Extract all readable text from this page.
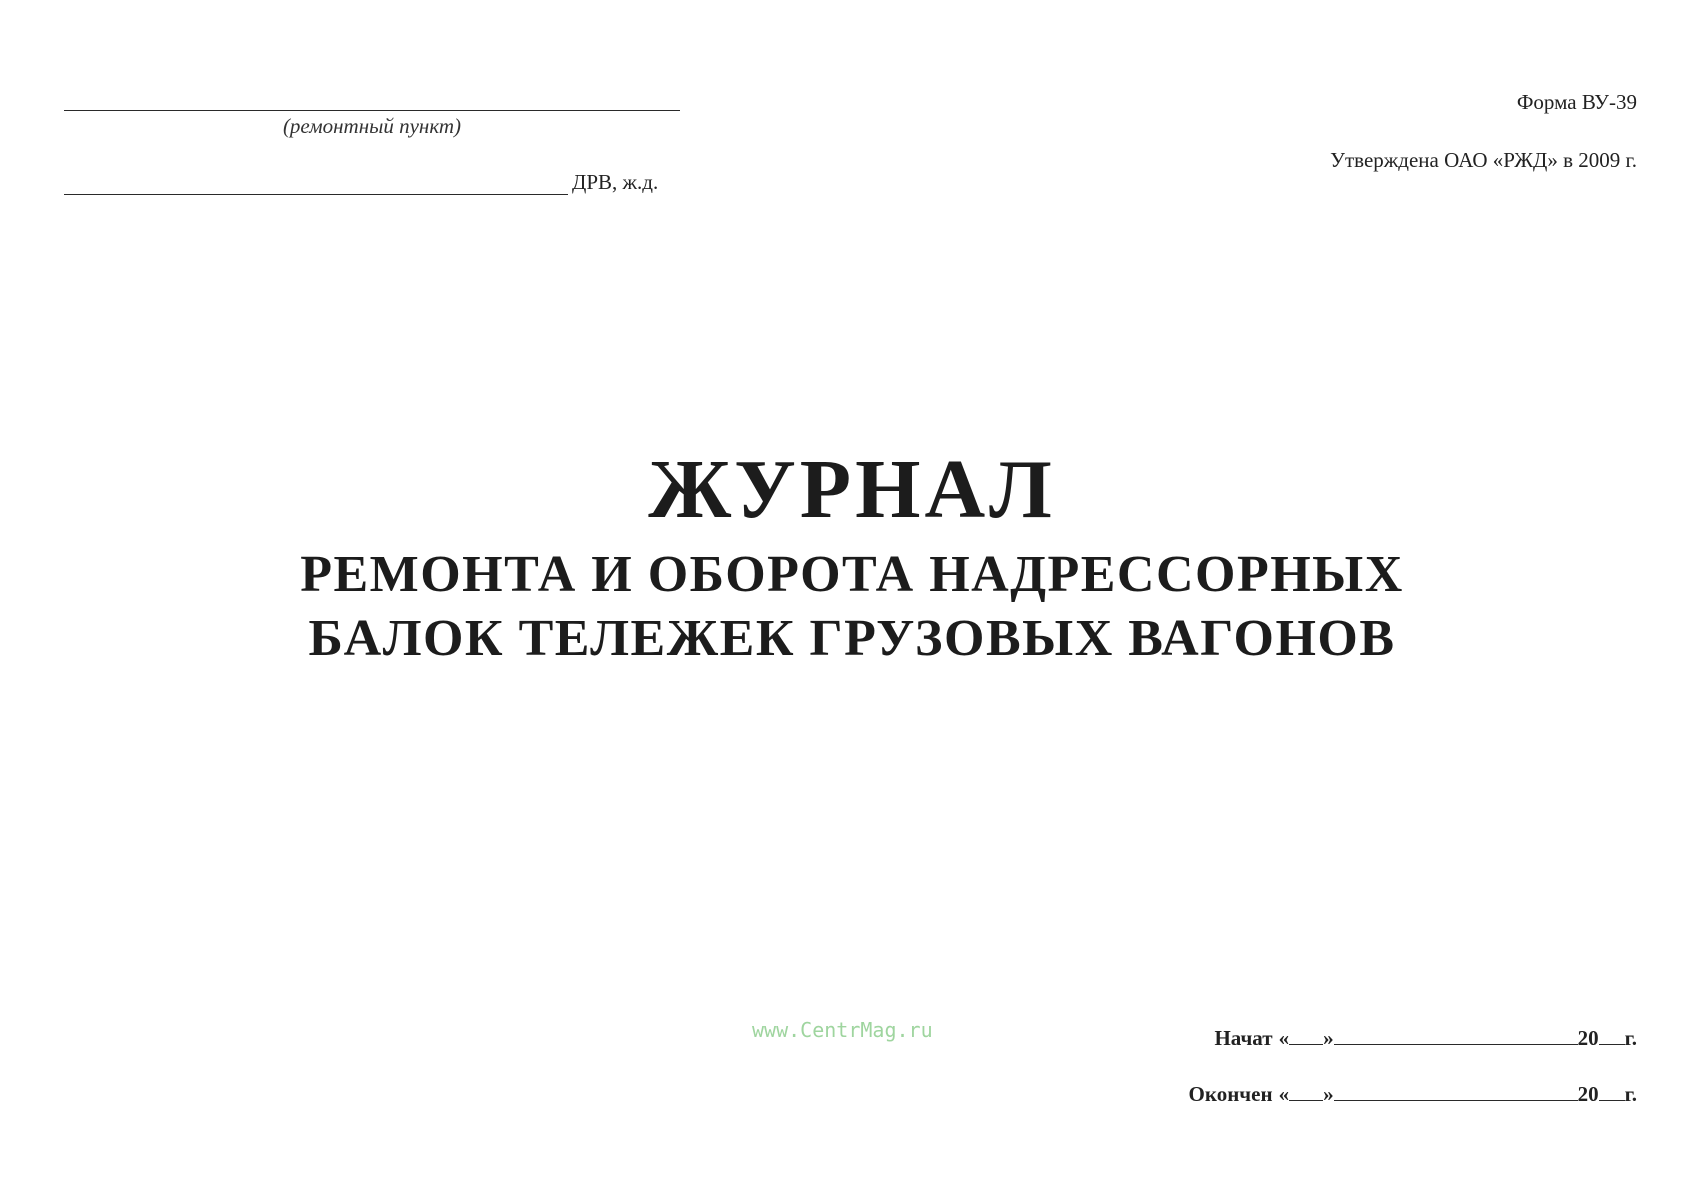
(ремонтный пункт)
ДРВ, ж.д.
Форма ВУ-39
Утверждена ОАО «РЖД» в 2009 г.
ЖУРНАЛ
РЕМОНТА И ОБОРОТА НАДРЕССОРНЫХ
БАЛОК ТЕЛЕЖЕК ГРУЗОВЫХ ВАГОНОВ
www.CentrMag.ru	Начат « »	20 г.
Окончен « »	20 г.
